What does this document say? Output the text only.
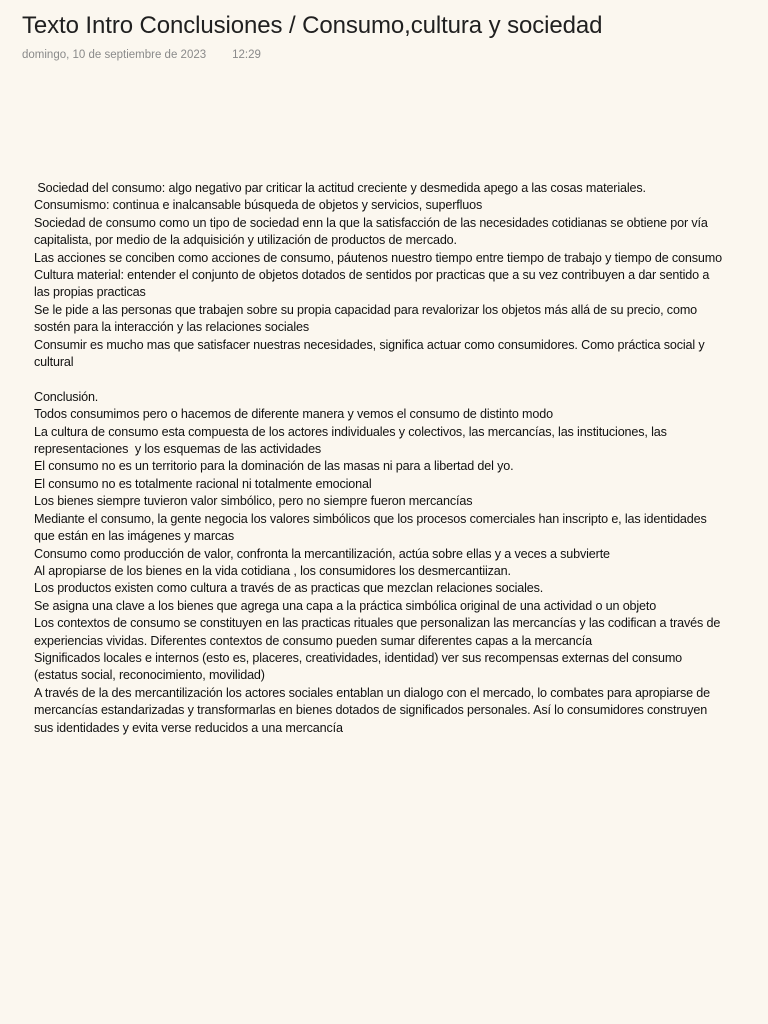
Texto Intro Conclusiones / Consumo,cultura y sociedad
domingo, 10 de septiembre de 2023 12:29

Sociedad del consumo: algo negativo par criticar la actitud creciente y desmedida apego a las cosas materiales.

Consumismo: continua e inalcansable búsqueda de objetos y servicios, superfluos

Sociedad de consumo como un tipo de sociedad enn la que la satisfacción de las necesidades cotidianas se obtiene por vía capitalista, por medio de la adquisición y utilización de productos de mercado.

Las acciones se conciben como acciones de consumo, páutenos nuestro tiempo entre tiempo de trabajo y tiempo de consumo

Cultura material: entender el conjunto de objetos dotados de sentidos por practicas que a su vez contribuyen a dar sentido a las propias practicas

Se le pide a las personas que trabajen sobre su propia capacidad para revalorizar los objetos más allá de su precio, como sostén para la interacción y las relaciones sociales

Consumir es mucho mas que satisfacer nuestras necesidades, significa actuar como consumidores. Como práctica social y cultural

Conclusión.

Todos consumimos pero o hacemos de diferente manera y vemos el consumo de distinto modo

La cultura de consumo esta compuesta de los actores individuales y colectivos, las mercancías, las instituciones, las representaciones  y los esquemas de las actividades

El consumo no es un territorio para la dominación de las masas ni para a libertad del yo.

El consumo no es totalmente racional ni totalmente emocional

Los bienes siempre tuvieron valor simbólico, pero no siempre fueron mercancías

Mediante el consumo, la gente negocia los valores simbólicos que los procesos comerciales han inscripto e, las identidades que están en las imágenes y marcas

Consumo como producción de valor, confronta la mercantilización, actúa sobre ellas y a veces a subvierte

Al apropiarse de los bienes en la vida cotidiana , los consumidores los desmercantiizan.

Los productos existen como cultura a través de as practicas que mezclan relaciones sociales.

Se asigna una clave a los bienes que agrega una capa a la práctica simbólica original de una actividad o un objeto

Los contextos de consumo se constituyen en las practicas rituales que personalizan las mercancías y las codifican a través de experiencias vividas. Diferentes contextos de consumo pueden sumar diferentes capas a la mercancía

Significados locales e internos (esto es, placeres, creatividades, identidad) ver sus recompensas externas del consumo (estatus social, reconocimiento, movilidad)

A través de la des mercantilización los actores sociales entablan un dialogo con el mercado, lo combates para apropiarse de mercancías estandarizadas y transformarlas en bienes dotados de significados personales. Así lo consumidores construyen sus identidades y evita verse reducidos a una mercancía
